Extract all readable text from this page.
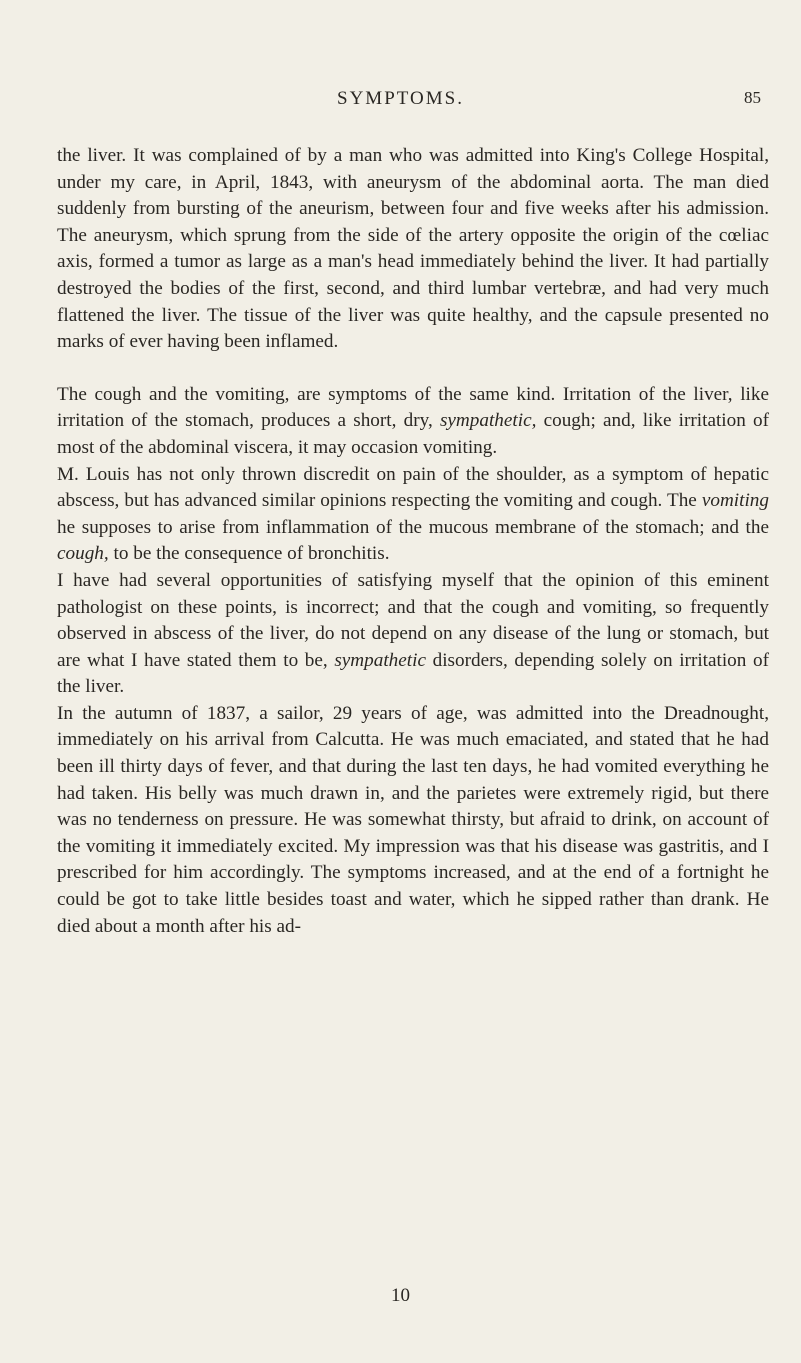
SYMPTOMS.	85

the liver. It was complained of by a man who was admitted into King's College Hospital, under my care, in April, 1843, with aneurysm of the abdominal aorta. The man died suddenly from bursting of the aneurism, between four and five weeks after his admission. The aneurysm, which sprung from the side of the artery opposite the origin of the cœliac axis, formed a tumor as large as a man's head immediately behind the liver. It had partially destroyed the bodies of the first, second, and third lumbar vertebræ, and had very much flattened the liver. The tissue of the liver was quite healthy, and the capsule presented no marks of ever having been inflamed.

The cough and the vomiting, are symptoms of the same kind. Irritation of the liver, like irritation of the stomach, produces a short, dry, sympathetic, cough; and, like irritation of most of the abdominal viscera, it may occasion vomiting.

M. Louis has not only thrown discredit on pain of the shoulder, as a symptom of hepatic abscess, but has advanced similar opinions respecting the vomiting and cough. The vomiting he supposes to arise from inflammation of the mucous membrane of the stomach; and the cough, to be the consequence of bronchitis.

I have had several opportunities of satisfying myself that the opinion of this eminent pathologist on these points, is incorrect; and that the cough and vomiting, so frequently observed in abscess of the liver, do not depend on any disease of the lung or stomach, but are what I have stated them to be, sympathetic disorders, depending solely on irritation of the liver.

In the autumn of 1837, a sailor, 29 years of age, was admitted into the Dreadnought, immediately on his arrival from Calcutta. He was much emaciated, and stated that he had been ill thirty days of fever, and that during the last ten days, he had vomited everything he had taken. His belly was much drawn in, and the parietes were extremely rigid, but there was no tenderness on pressure. He was somewhat thirsty, but afraid to drink, on account of the vomiting it immediately excited. My impression was that his disease was gastritis, and I prescribed for him accordingly. The symptoms increased, and at the end of a fortnight he could be got to take little besides toast and water, which he sipped rather than drank. He died about a month after his ad-

10
